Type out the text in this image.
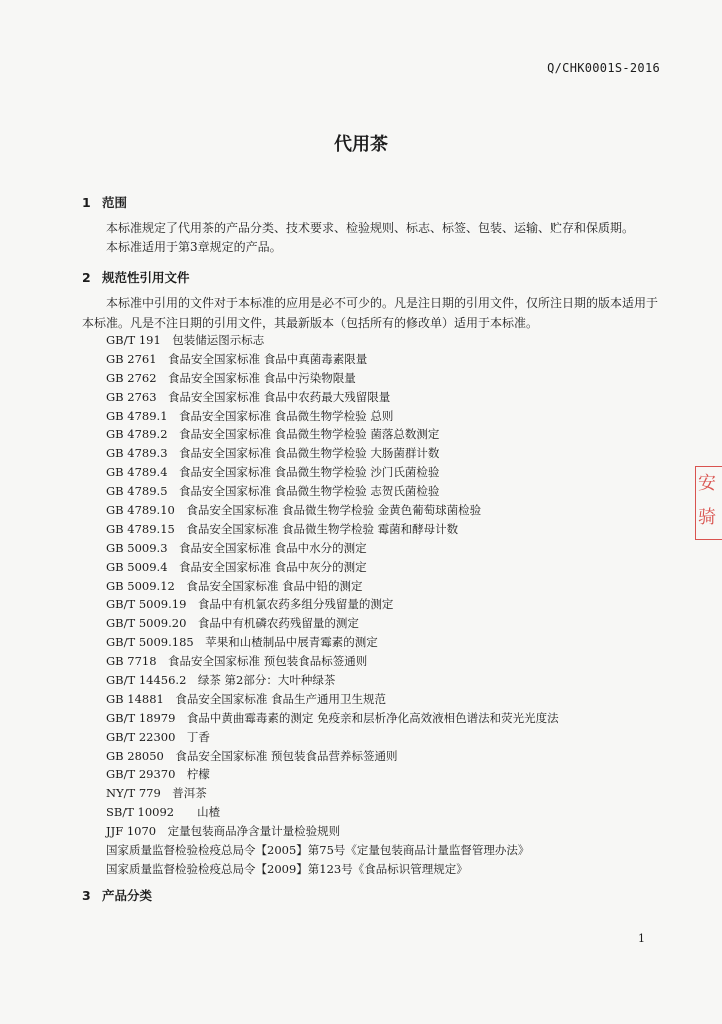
Q/CHK0001S-2016
代用茶
1 范围
本标准规定了代用茶的产品分类、技术要求、检验规则、标志、标签、包装、运输、贮存和保质期。
本标准适用于第3章规定的产品。
2 规范性引用文件
本标准中引用的文件对于本标准的应用是必不可少的。凡是注日期的引用文件，仅所注日期的版本适用于本标准。凡是不注日期的引用文件，其最新版本（包括所有的修改单）适用于本标准。
GB/T 191　包装储运图示标志
GB 2761　食品安全国家标准 食品中真菌毒素限量
GB 2762　食品安全国家标准 食品中污染物限量
GB 2763　食品安全国家标准 食品中农药最大残留限量
GB 4789.1　食品安全国家标准 食品微生物学检验 总则
GB 4789.2　食品安全国家标准 食品微生物学检验 菌落总数测定
GB 4789.3　食品安全国家标准 食品微生物学检验 大肠菌群计数
GB 4789.4　食品安全国家标准 食品微生物学检验 沙门氏菌检验
GB 4789.5　食品安全国家标准 食品微生物学检验 志贺氏菌检验
GB 4789.10　食品安全国家标准 食品微生物学检验 金黄色葡萄球菌检验
GB 4789.15　食品安全国家标准 食品微生物学检验 霉菌和酵母计数
GB 5009.3　食品安全国家标准 食品中水分的测定
GB 5009.4　食品安全国家标准 食品中灰分的测定
GB 5009.12　食品安全国家标准 食品中铅的测定
GB/T 5009.19　食品中有机氯农药多组分残留量的测定
GB/T 5009.20　食品中有机磷农药残留量的测定
GB/T 5009.185　苹果和山楂制品中展青霉素的测定
GB 7718　食品安全国家标准 预包装食品标签通则
GB/T 14456.2　绿茶 第2部分：大叶种绿茶
GB 14881　食品安全国家标准 食品生产通用卫生规范
GB/T 18979　食品中黄曲霉毒素的测定 免疫亲和层析净化高效液相色谱法和荧光光度法
GB/T 22300　丁香
GB 28050　食品安全国家标准 预包装食品营养标签通则
GB/T 29370　柠檬
NY/T 779　普洱茶
SB/T 10092　　山楂
JJF 1070　定量包装商品净含量计量检验规则
国家质量监督检验检疫总局令【2005】第75号《定量包装商品计量监督管理办法》
国家质量监督检验检疫总局令【2009】第123号《食品标识管理规定》
3 产品分类
安骑
1
